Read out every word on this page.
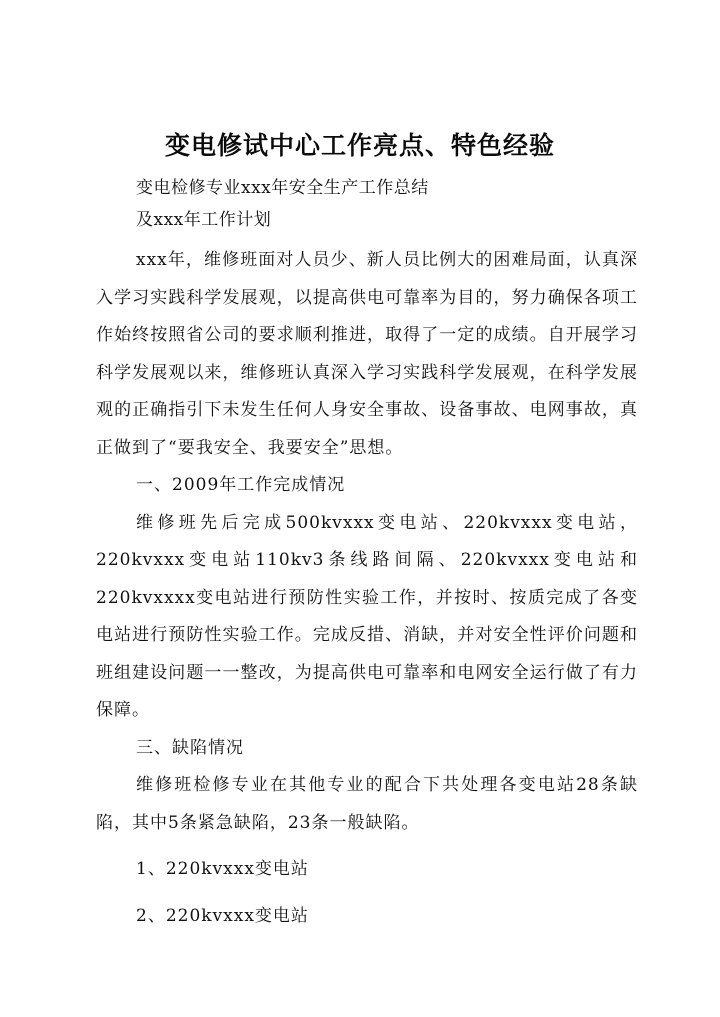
变电修试中心工作亮点、特色经验
变电检修专业xxx年安全生产工作总结
及xxx年工作计划

xxx年，维修班面对人员少、新人员比例大的困难局面，认真深入学习实践科学发展观，以提高供电可靠率为目的，努力确保各项工作始终按照省公司的要求顺利推进，取得了一定的成绩。自开展学习科学发展观以来，维修班认真深入学习实践科学发展观，在科学发展观的正确指引下未发生任何人身安全事故、设备事故、电网事故，真正做到了“要我安全、我要安全”思想。

一、2009年工作完成情况

维修班先后完成500kvxxx变电站、220kvxxx变电站，220kvxxx变电站110kv3条线路间隔、220kvxxx变电站和220kvxxxx变电站进行预防性实验工作，并按时、按质完成了各变电站进行预防性实验工作。完成反措、消缺，并对安全性评价问题和班组建设问题一一整改，为提高供电可靠率和电网安全运行做了有力保障。

三、缺陷情况

维修班检修专业在其他专业的配合下共处理各变电站28条缺陷，其中5条紧急缺陷，23条一般缺陷。

1、220kvxxx变电站

2、220kvxxx变电站
